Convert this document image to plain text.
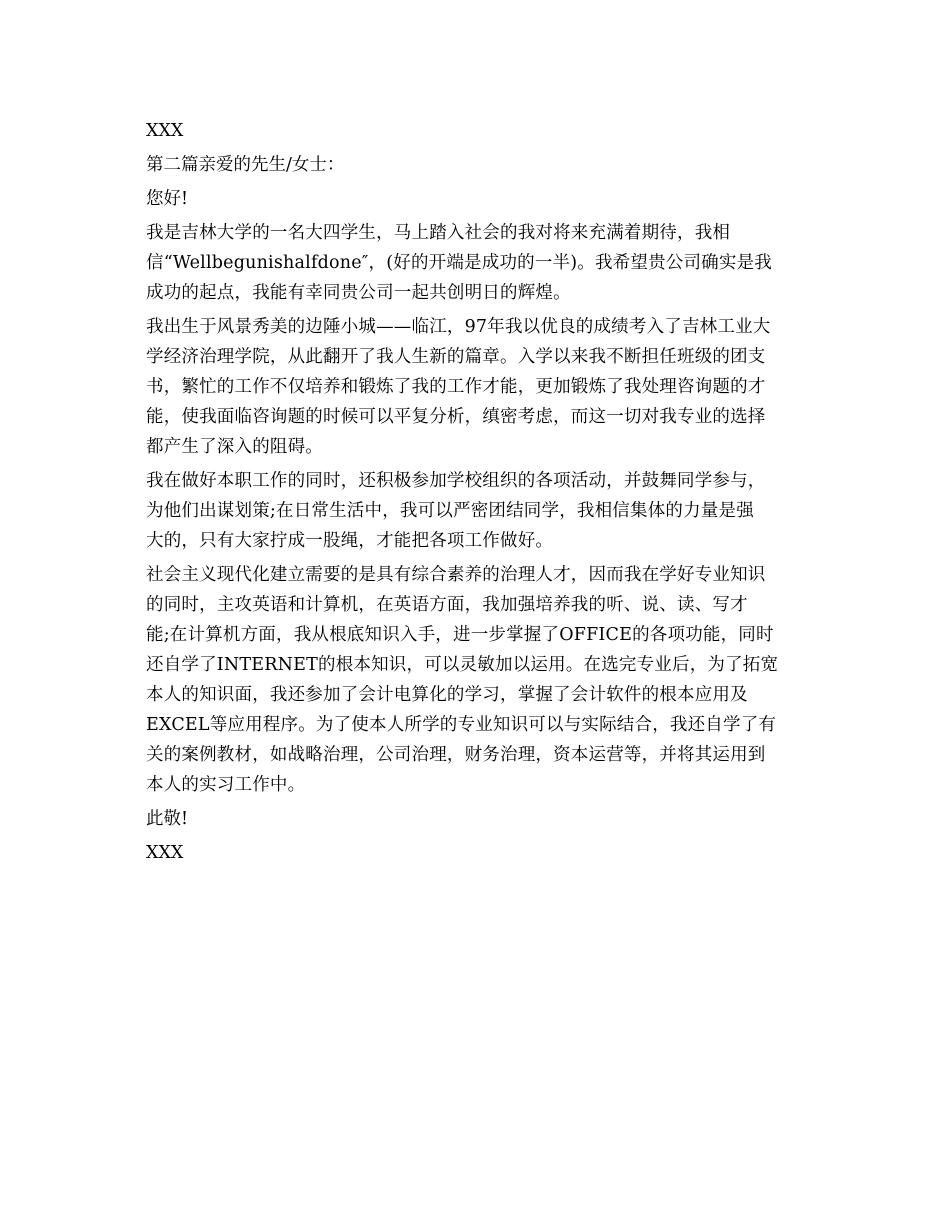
XXX
第二篇亲爱的先生/女士：
您好!
我是吉林大学的一名大四学生，马上踏入社会的我对将来充满着期待，我相
信“Wellbegunishalfdone″，(好的开端是成功的一半)。我希望贵公司确实是我
成功的起点，我能有幸同贵公司一起共创明日的辉煌。
我出生于风景秀美的边陲小城——临江，97年我以优良的成绩考入了吉林工业大
学经济治理学院，从此翻开了我人生新的篇章。入学以来我不断担任班级的团支
书，繁忙的工作不仅培养和锻炼了我的工作才能，更加锻炼了我处理咨询题的才
能，使我面临咨询题的时候可以平复分析，缜密考虑，而这一切对我专业的选择
都产生了深入的阻碍。
我在做好本职工作的同时，还积极参加学校组织的各项活动，并鼓舞同学参与，
为他们出谋划策;在日常生活中，我可以严密团结同学，我相信集体的力量是强
大的，只有大家拧成一股绳，才能把各项工作做好。
社会主义现代化建立需要的是具有综合素养的治理人才，因而我在学好专业知识
的同时，主攻英语和计算机，在英语方面，我加强培养我的听、说、读、写才
能;在计算机方面，我从根底知识入手，进一步掌握了OFFICE的各项功能，同时
还自学了INTERNET的根本知识，可以灵敏加以运用。在选完专业后，为了拓宽
本人的知识面，我还参加了会计电算化的学习，掌握了会计软件的根本应用及
EXCEL等应用程序。为了使本人所学的专业知识可以与实际结合，我还自学了有
关的案例教材，如战略治理，公司治理，财务治理，资本运营等，并将其运用到
本人的实习工作中。
此敬!
XXX
